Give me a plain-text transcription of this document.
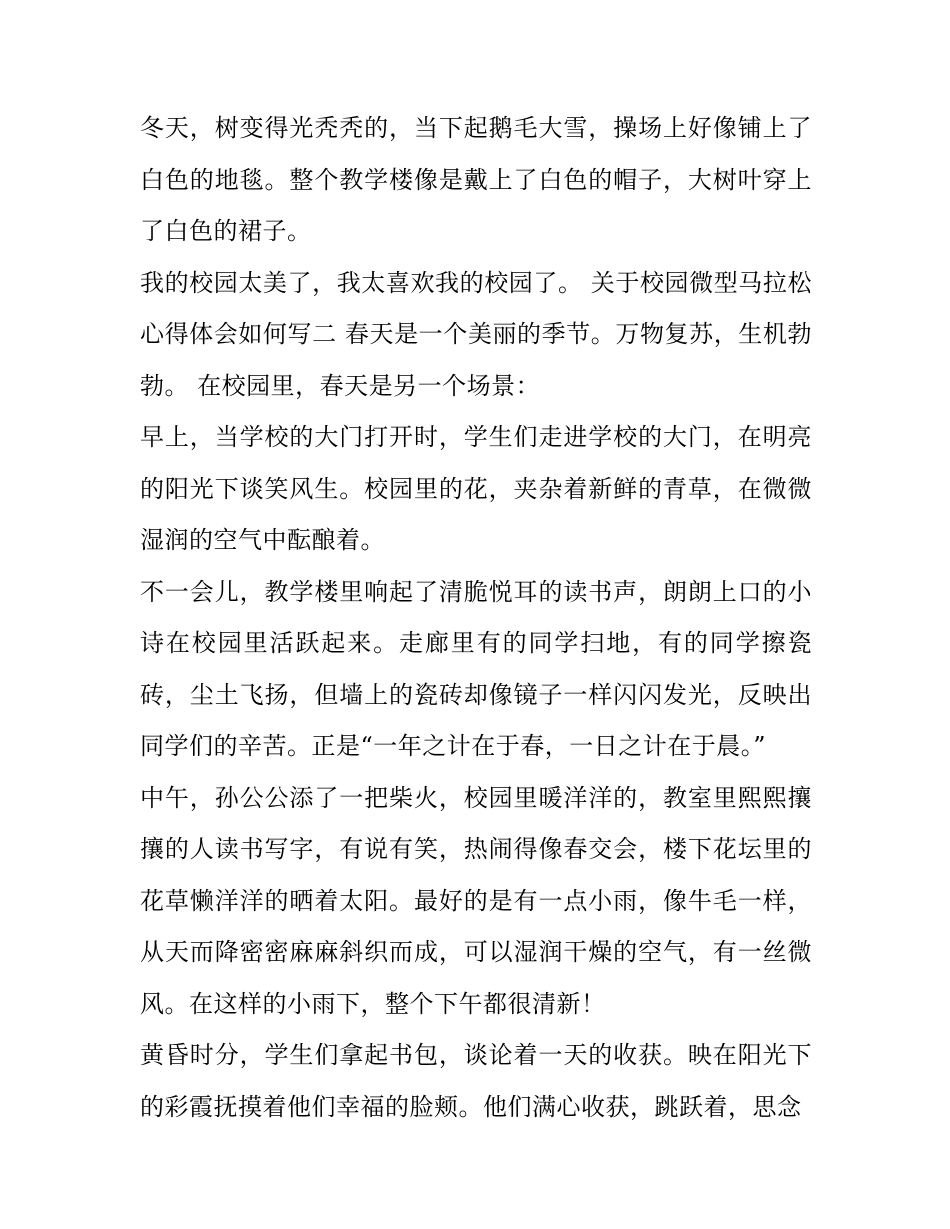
冬天，树变得光秃秃的，当下起鹅毛大雪，操场上好像铺上了白色的地毯。整个教学楼像是戴上了白色的帽子，大树叶穿上了白色的裙子。

我的校园太美了，我太喜欢我的校园了。 关于校园微型马拉松心得体会如何写二 春天是一个美丽的季节。万物复苏，生机勃勃。 在校园里，春天是另一个场景：

早上，当学校的大门打开时，学生们走进学校的大门，在明亮的阳光下谈笑风生。校园里的花，夹杂着新鲜的青草，在微微湿润的空气中酝酿着。

不一会儿，教学楼里响起了清脆悦耳的读书声，朗朗上口的小诗在校园里活跃起来。走廊里有的同学扫地，有的同学擦瓷砖，尘土飞扬，但墙上的瓷砖却像镜子一样闪闪发光，反映出同学们的辛苦。正是“一年之计在于春，一日之计在于晨。”

中午，孙公公添了一把柴火，校园里暖洋洋的，教室里熙熙攘攘的人读书写字，有说有笑，热闹得像春交会，楼下花坛里的花草懒洋洋的晒着太阳。最好的是有一点小雨，像牛毛一样，从天而降密密麻麻斜织而成，可以湿润干燥的空气，有一丝微风。在这样的小雨下，整个下午都很清新！

黄昏时分，学生们拿起书包，谈论着一天的收获。映在阳光下的彩霞抚摸着他们幸福的脸颊。他们满心收获，跳跃着，思念
